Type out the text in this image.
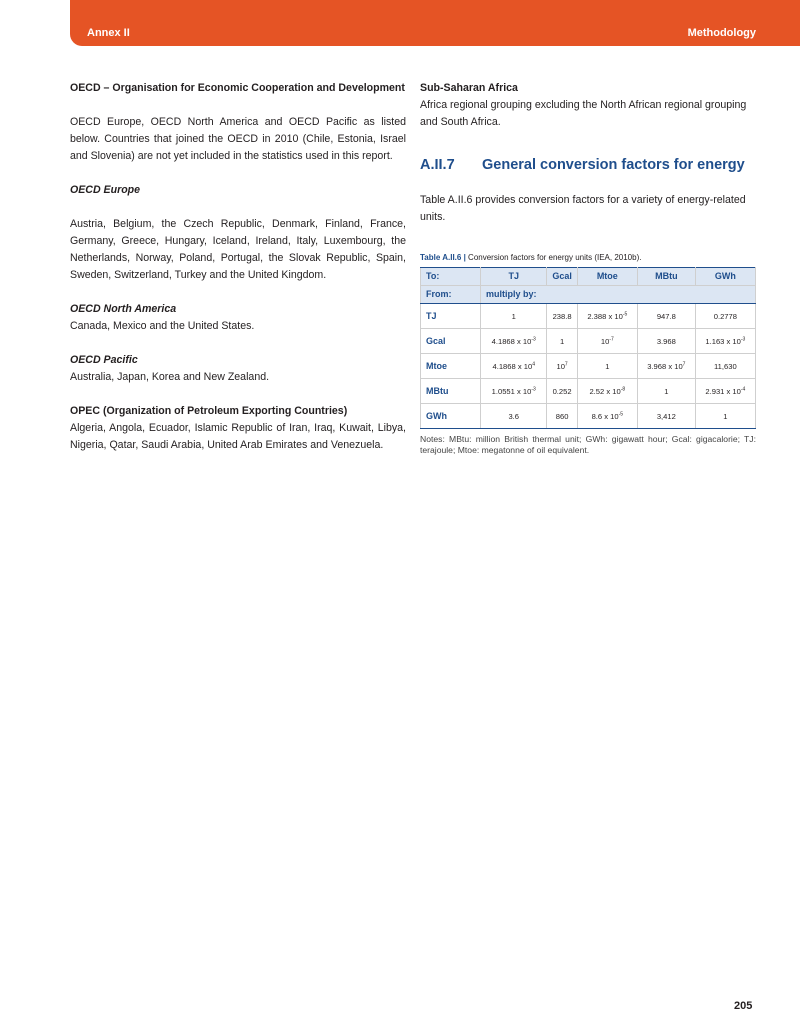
Annex II	Methodology
OECD – Organisation for Economic Cooperation and Development
OECD Europe, OECD North America and OECD Pacific as listed below. Countries that joined the OECD in 2010 (Chile, Estonia, Israel and Slovenia) are not yet included in the statistics used in this report.
OECD Europe
Austria, Belgium, the Czech Republic, Denmark, Finland, France, Germany, Greece, Hungary, Iceland, Ireland, Italy, Luxembourg, the Netherlands, Norway, Poland, Portugal, the Slovak Republic, Spain, Sweden, Switzerland, Turkey and the United Kingdom.
OECD North America
Canada, Mexico and the United States.
OECD Pacific
Australia, Japan, Korea and New Zealand.
OPEC (Organization of Petroleum Exporting Countries)
Algeria, Angola, Ecuador, Islamic Republic of Iran, Iraq, Kuwait, Libya, Nigeria, Qatar, Saudi Arabia, United Arab Emirates and Venezuela.
Sub-Saharan Africa
Africa regional grouping excluding the North African regional grouping and South Africa.
A.II.7 General conversion factors for energy
Table A.II.6 provides conversion factors for a variety of energy-related units.
Table A.II.6 | Conversion factors for energy units (IEA, 2010b).
To:	TJ	Gcal	Mtoe	MBtu	GWh
From:	multiply by:				
TJ	1	238.8	2.388 x $10^{-5}$	947.8	0.2778
Gcal	4.1868 x $10^{-3}$	1	$10^{-7}$	3.968	1.163 x $10^{-3}$
Mtoe	4.1868 x $10^4$	$10^7$	1	3.968 x $10^7$	11,630
MBtu	1.0551 x $10^{-3}$	0.252	2.52 x $10^{-8}$	1	2.931 x $10^{-4}$
GWh	3.6	860	8.6 x $10^{-5}$	3,412	1
Notes: MBtu: million British thermal unit; GWh: gigawatt hour; Gcal: gigacalorie; TJ: terajoule; Mtoe: megatonne of oil equivalent.
205
